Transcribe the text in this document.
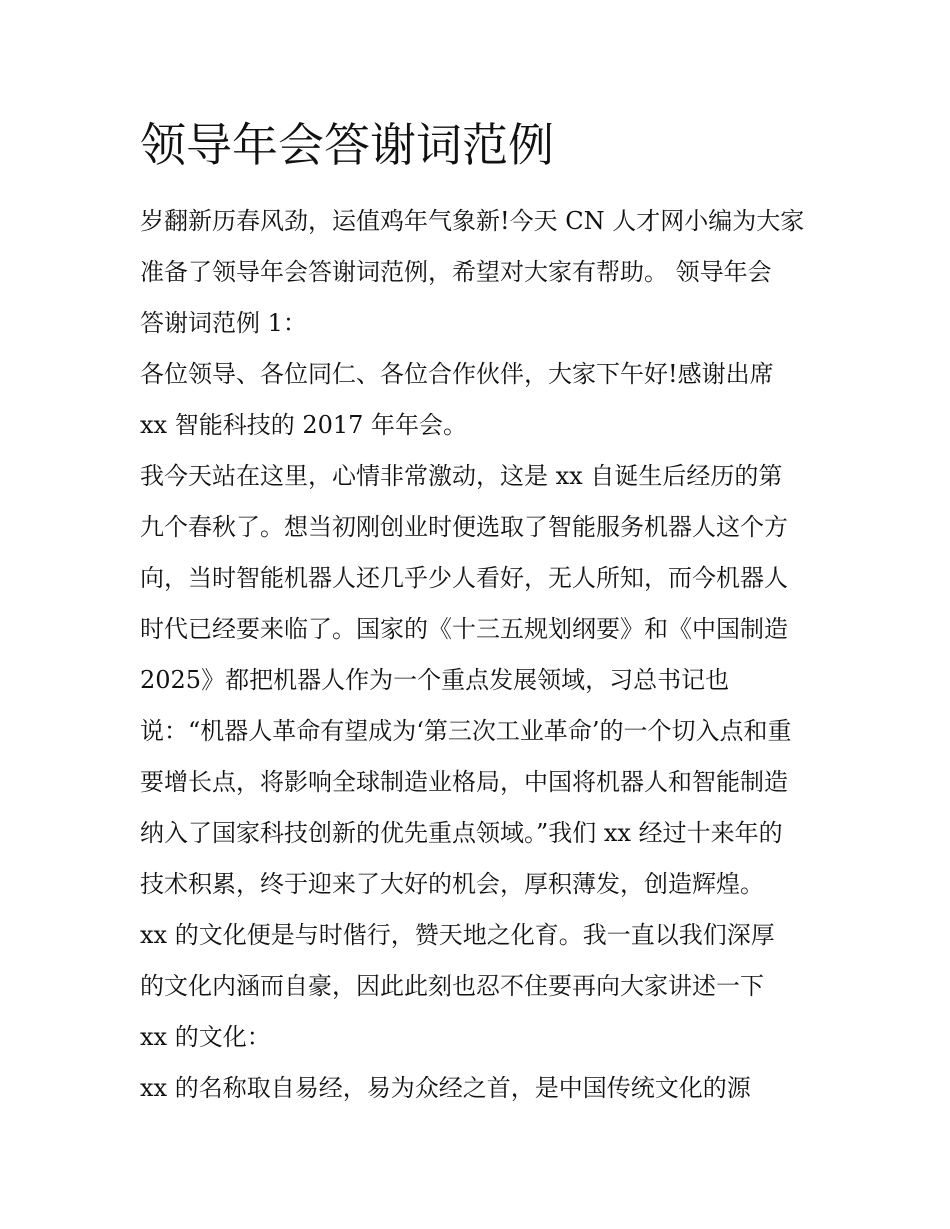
领导年会答谢词范例

岁翻新历春风劲，运值鸡年气象新!今天 CN 人才网小编为大家

准备了领导年会答谢词范例，希望对大家有帮助。 领导年会

答谢词范例 1：

各位领导、各位同仁、各位合作伙伴，大家下午好!感谢出席

xx 智能科技的 2017 年年会。

我今天站在这里，心情非常激动，这是 xx 自诞生后经历的第

九个春秋了。想当初刚创业时便选取了智能服务机器人这个方

向，当时智能机器人还几乎少人看好，无人所知，而今机器人

时代已经要来临了。国家的《十三五规划纲要》和《中国制造

2025》都把机器人作为一个重点发展领域，习总书记也

说：“机器人革命有望成为‘第三次工业革命’的一个切入点和重

要增长点，将影响全球制造业格局，中国将机器人和智能制造

纳入了国家科技创新的优先重点领域。”我们 xx 经过十来年的

技术积累，终于迎来了大好的机会，厚积薄发，创造辉煌。

xx 的文化便是与时偕行，赞天地之化育。我一直以我们深厚

的文化内涵而自豪，因此此刻也忍不住要再向大家讲述一下

xx 的文化：

xx 的名称取自易经，易为众经之首，是中国传统文化的源
